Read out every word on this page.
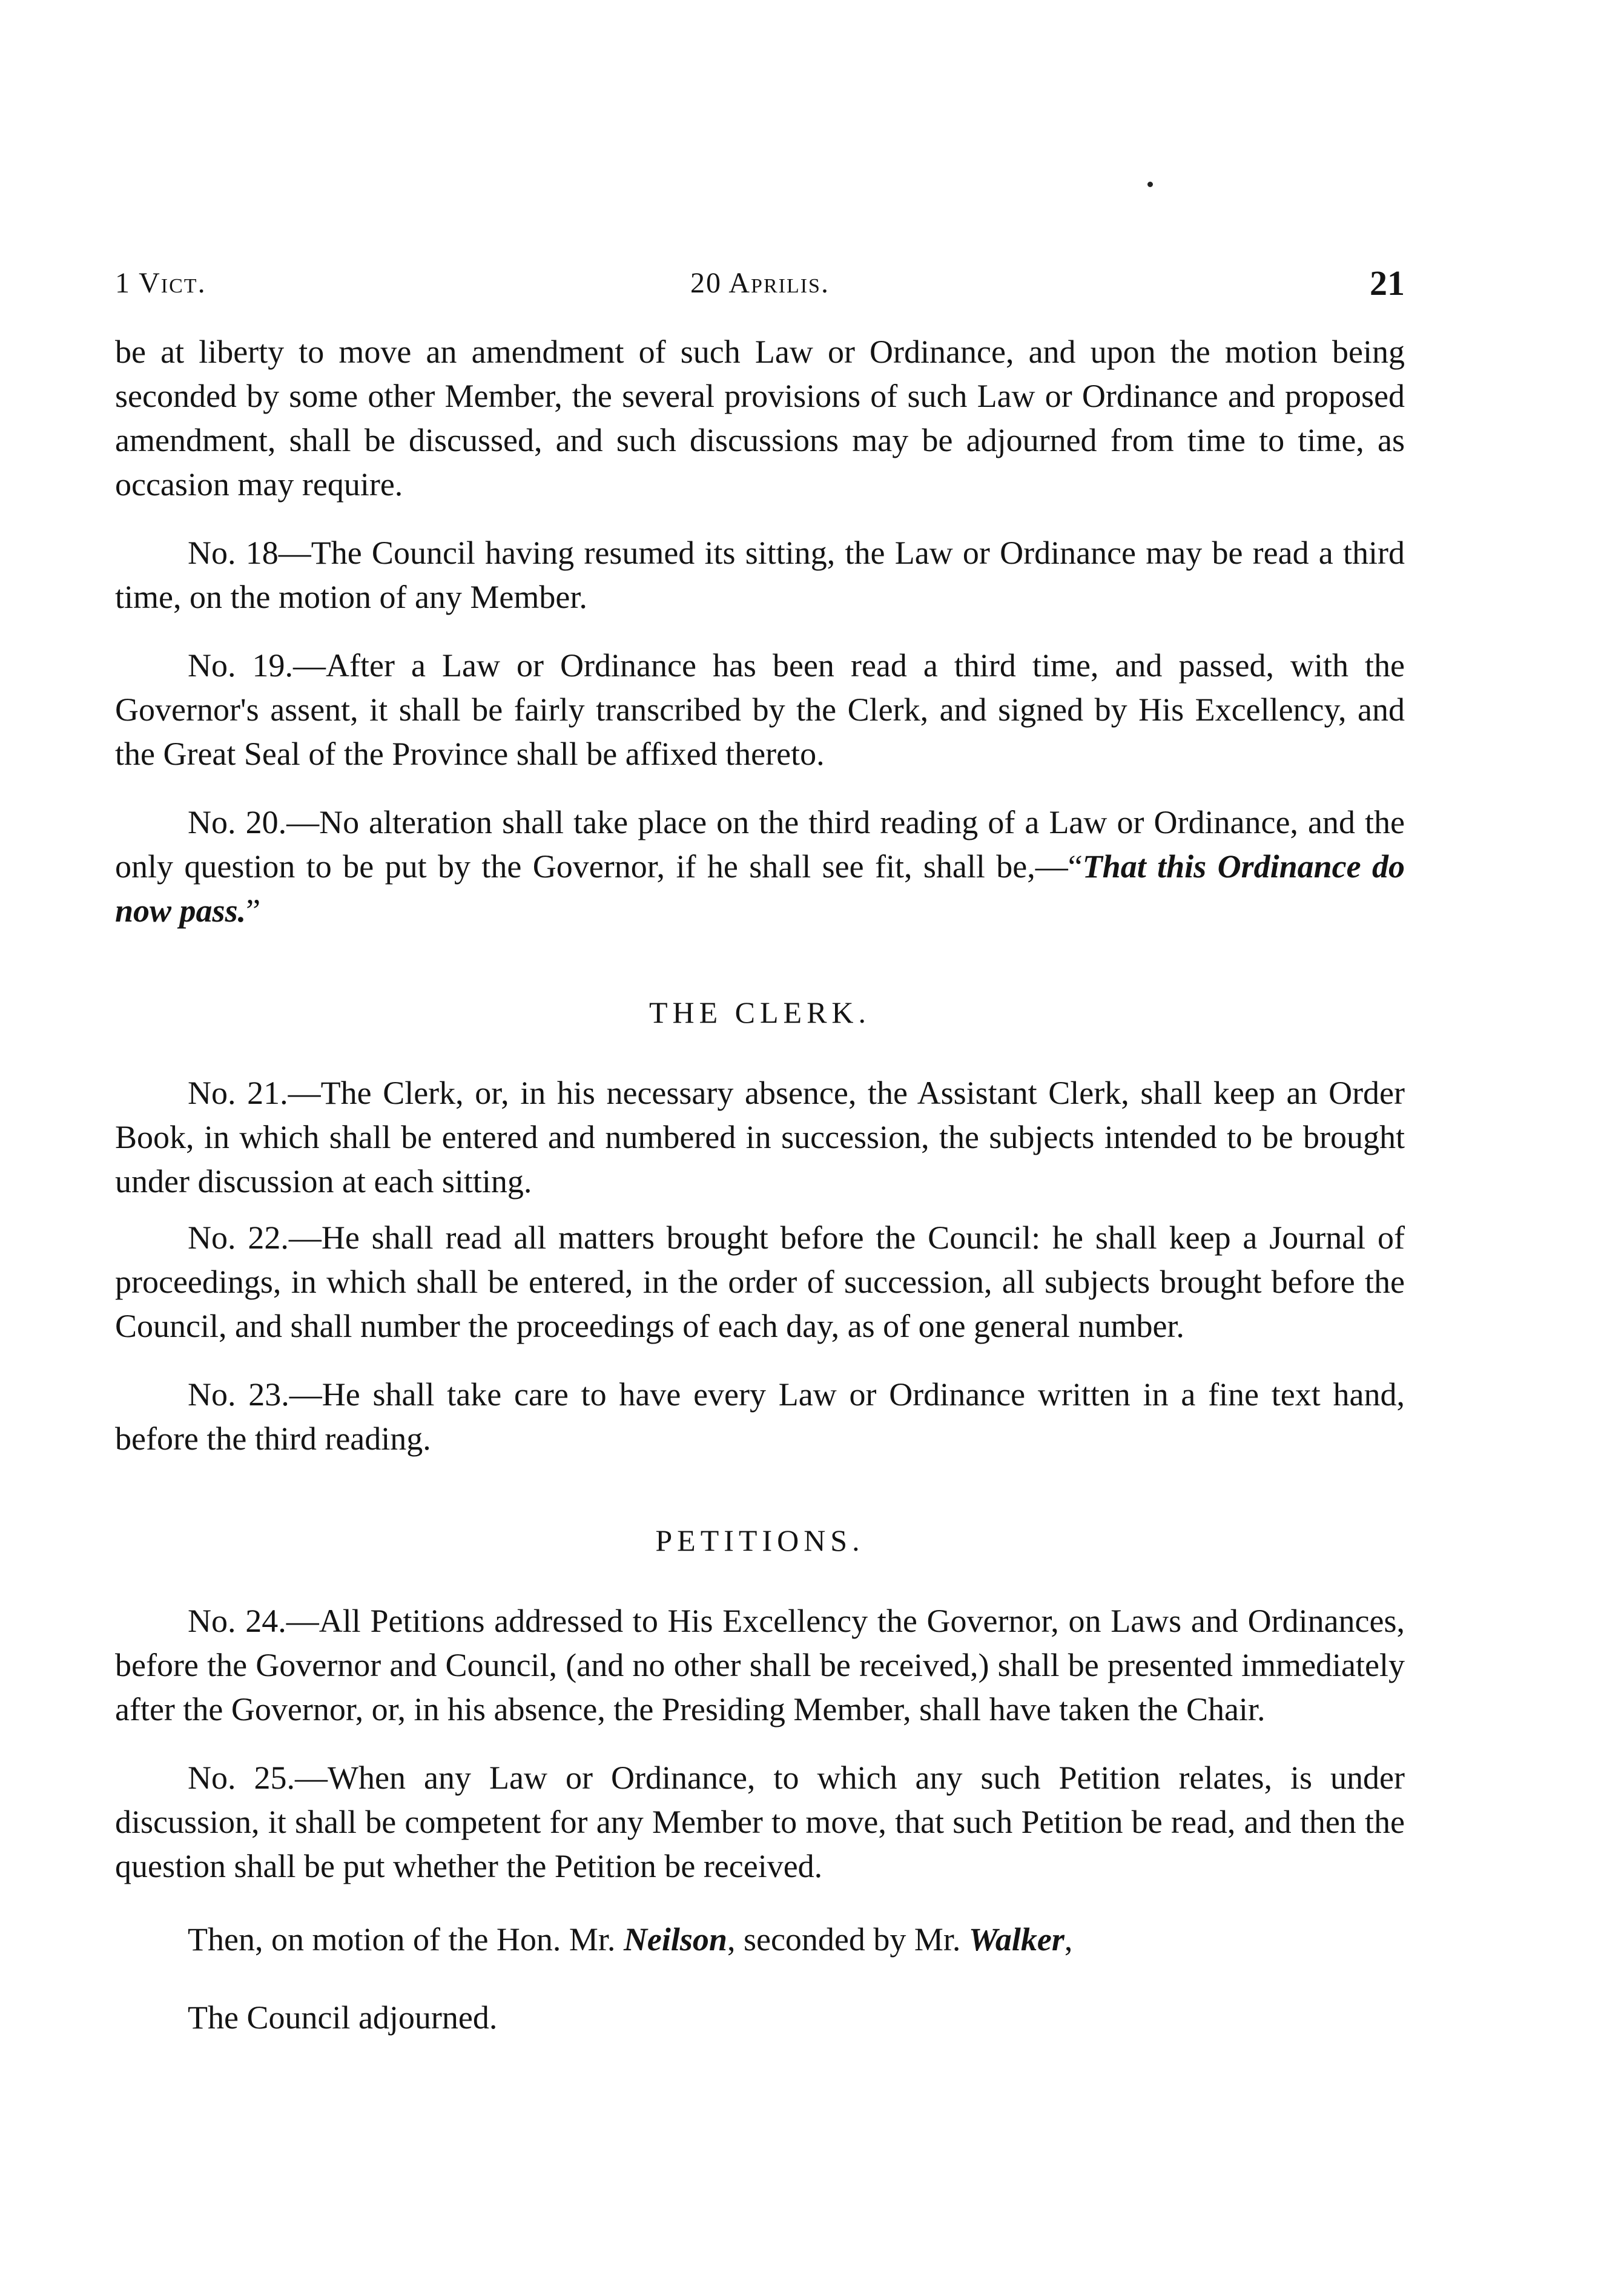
1 Vict.	20 Aprilis.	21

be at liberty to move an amendment of such Law or Ordinance, and upon the motion being seconded by some other Member, the several provisions of such Law or Ordinance and proposed amendment, shall be discussed, and such discussions may be adjourned from time to time, as occasion may require.

No. 18—The Council having resumed its sitting, the Law or Ordinance may be read a third time, on the motion of any Member.

No. 19.—After a Law or Ordinance has been read a third time, and passed, with the Governor's assent, it shall be fairly transcribed by the Clerk, and signed by His Excellency, and the Great Seal of the Province shall be affixed thereto.

No. 20.—No alteration shall take place on the third reading of a Law or Ordinance, and the only question to be put by the Governor, if he shall see fit, shall be,—“That this Ordinance do now pass.”

THE CLERK.

No. 21.—The Clerk, or, in his necessary absence, the Assistant Clerk, shall keep an Order Book, in which shall be entered and numbered in succession, the subjects intended to be brought under discussion at each sitting.

No. 22.—He shall read all matters brought before the Council: he shall keep a Journal of proceedings, in which shall be entered, in the order of succession, all subjects brought before the Council, and shall number the proceedings of each day, as of one general number.

No. 23.—He shall take care to have every Law or Ordinance written in a fine text hand, before the third reading.

PETITIONS.

No. 24.—All Petitions addressed to His Excellency the Governor, on Laws and Ordinances, before the Governor and Council, (and no other shall be received,) shall be presented immediately after the Governor, or, in his absence, the Presiding Member, shall have taken the Chair.

No. 25.—When any Law or Ordinance, to which any such Petition relates, is under discussion, it shall be competent for any Member to move, that such Petition be read, and then the question shall be put whether the Petition be received.

Then, on motion of the Hon. Mr. Neilson, seconded by Mr. Walker,

The Council adjourned.
